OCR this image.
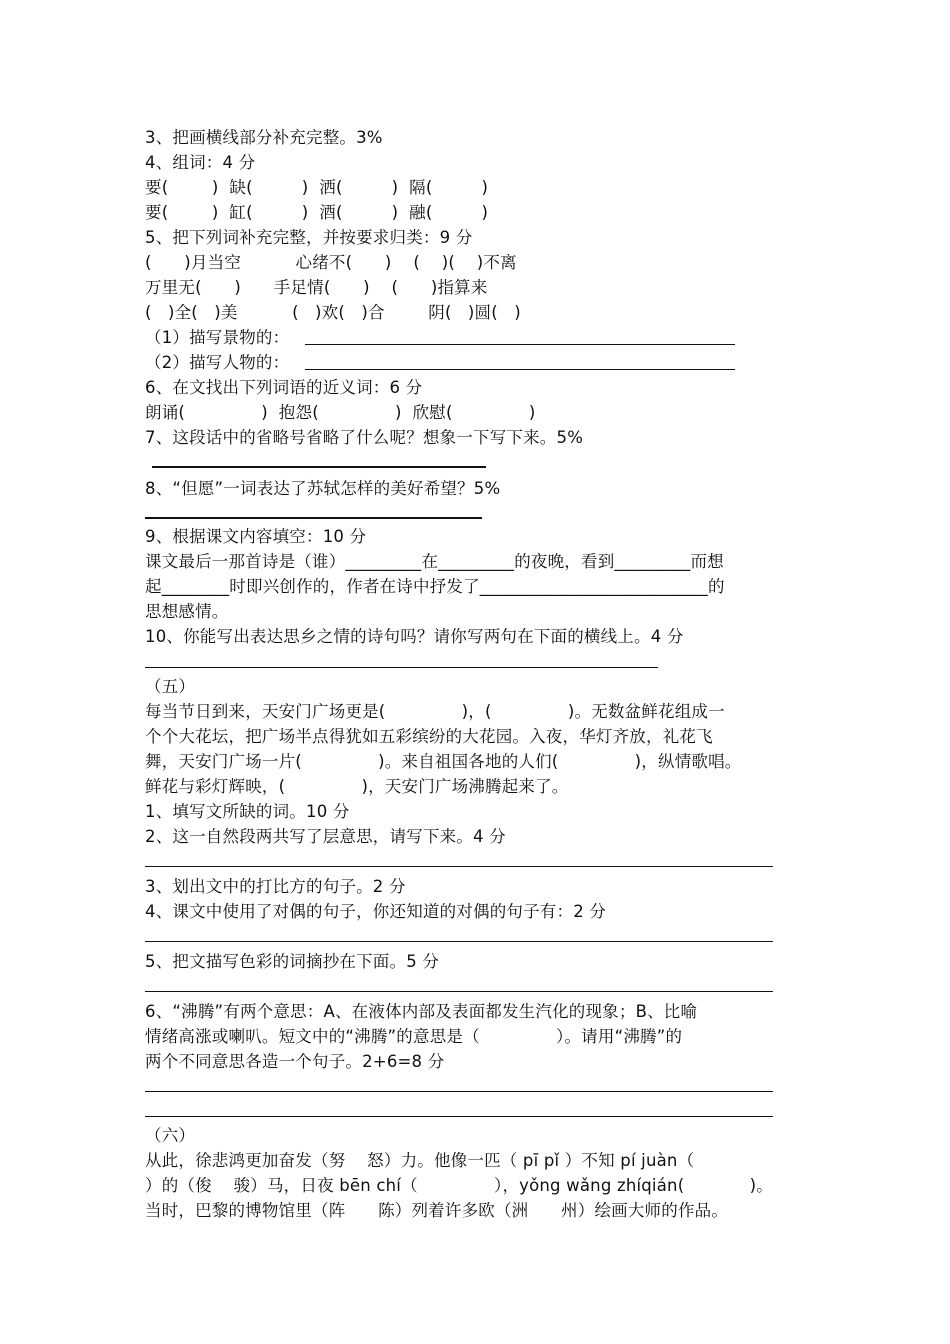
3、把画横线部分补充完整。3%
4、组词：4 分
要(        )  缺(         )  洒(         )  隔(         )
要(        )  缸(         )  酒(         )  融(         )
5、把下列词补充完整，并按要求归类：9 分
(      )月当空          心绪不(      )    (    )(    )不离
万里无(      )      手足情(      )    (      )指算来
(   )全(   )美          (   )欢(   )合        阴(   )圆(   )
（1）描写景物的：
（2）描写人物的：
6、在文找出下列词语的近义词：6 分
朗诵(              )  抱怨(              )  欣慰(              )
7、这段话中的省略号省略了什么呢？想象一下写下来。5%
8、“但愿”一词表达了苏轼怎样的美好希望？5%
9、根据课文内容填空：10 分
课文最后一那首诗是（谁）_________在_________的夜晚，看到_________而想
起________时即兴创作的，作者在诗中抒发了___________________________的
思想感情。
10、你能写出表达思乡之情的诗句吗？请你写两句在下面的横线上。4 分
（五）
每当节日到来，天安门广场更是(              )，(              )。无数盆鲜花组成一
个个大花坛，把广场半点得犹如五彩缤纷的大花园。入夜，华灯齐放，礼花飞
舞，天安门广场一片(              )。来自祖国各地的人们(              )，纵情歌唱。
鲜花与彩灯辉映，(              )，天安门广场沸腾起来了。
1、填写文所缺的词。10 分
2、这一自然段两共写了层意思，请写下来。4 分
3、划出文中的打比方的句子。2 分
4、课文中使用了对偶的句子，你还知道的对偶的句子有：2 分
5、把文描写色彩的词摘抄在下面。5 分
6、“沸腾”有两个意思：A、在液体内部及表面都发生汽化的现象；B、比喻
情绪高涨或喇叭。短文中的“沸腾”的意思是（              ）。请用“沸腾”的
两个不同意思各造一个句子。2+6=8 分
（六）
从此，徐悲鸿更加奋发（努    怒）力。他像一匹（ pī pǐ ）不知 pí juàn（
）的（俊    骏）马，日夜 bēn chí（              ），yǒng wǎng zhíqián(            )。
当时，巴黎的博物馆里（阵      陈）列着许多欧（洲      州）绘画大师的作品。
